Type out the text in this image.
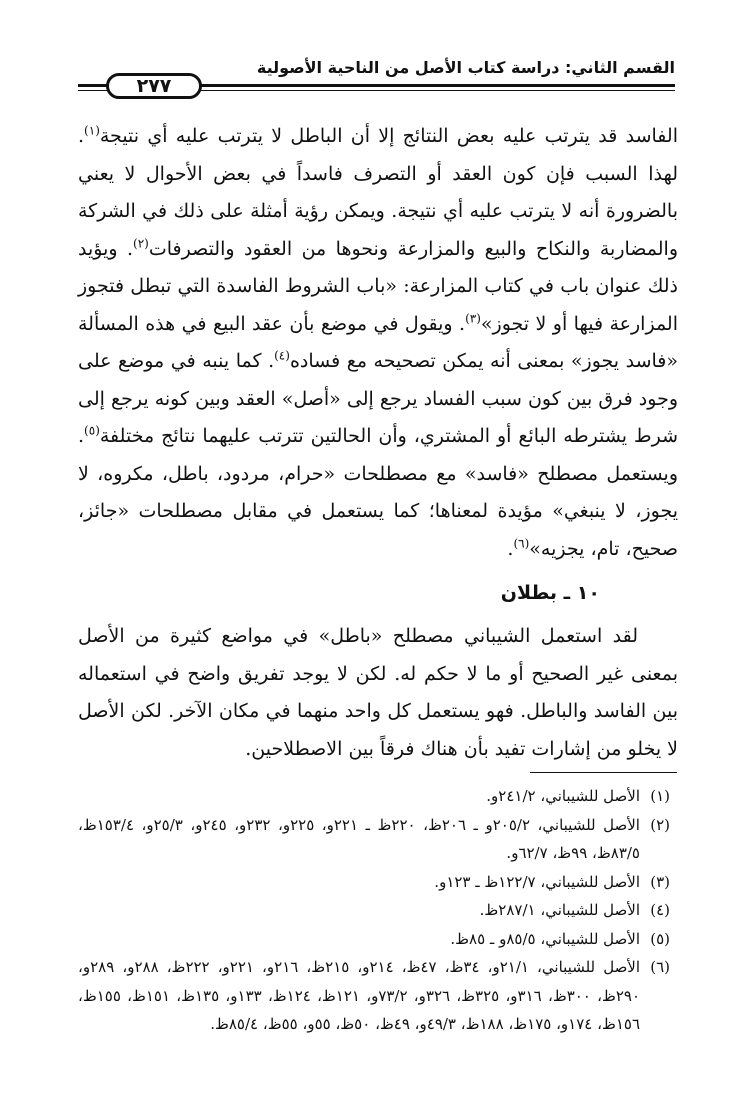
القسم الثاني: دراسة كتاب الأصل من الناحية الأصولية
٢٧٧

الفاسد قد يترتب عليه بعض النتائج إلا أن الباطل لا يترتب عليه أي نتيجة$^{(١)}$. لهذا السبب فإن كون العقد أو التصرف فاسداً في بعض الأحوال لا يعني بالضرورة أنه لا يترتب عليه أي نتيجة. ويمكن رؤية أمثلة على ذلك في الشركة والمضاربة والنكاح والبيع والمزارعة ونحوها من العقود والتصرفات$^{(٢)}$. ويؤيد ذلك عنوان باب في كتاب المزارعة: «باب الشروط الفاسدة التي تبطل فتجوز المزارعة فيها أو لا تجوز»$^{(٣)}$. ويقول في موضع بأن عقد البيع في هذه المسألة «فاسد يجوز» بمعنى أنه يمكن تصحيحه مع فساده$^{(٤)}$. كما ينبه في موضع على وجود فرق بين كون سبب الفساد يرجع إلى «أصل» العقد وبين كونه يرجع إلى شرط يشترطه البائع أو المشتري، وأن الحالتين تترتب عليهما نتائج مختلفة$^{(٥)}$. ويستعمل مصطلح «فاسد» مع مصطلحات «حرام، مردود، باطل، مكروه، لا يجوز، لا ينبغي» مؤيدة لمعناها؛ كما يستعمل في مقابل مصطلحات «جائز، صحيح، تام، يجزيه»$^{(٦)}$.

١٠ ـ بطلان

لقد استعمل الشيباني مصطلح «باطل» في مواضع كثيرة من الأصل بمعنى غير الصحيح أو ما لا حكم له. لكن لا يوجد تفريق واضح في استعماله بين الفاسد والباطل. فهو يستعمل كل واحد منهما في مكان الآخر. لكن الأصل لا يخلو من إشارات تفيد بأن هناك فرقاً بين الاصطلاحين.

(١)
الأصل للشيباني، ٢٤١/٢و.
(٢)
الأصل للشيباني، ٢٠٥/٢و ـ ٢٠٦ظ، ٢٢٠ظ ـ ٢٢١و، ٢٢٥و، ٢٣٢و، ٢٤٥و، ٢٥/٣و، ١٥٣/٤ظ، ٨٣/٥ظ، ٩٩ظ، ٦٢/٧و.
(٣)
الأصل للشيباني، ١٢٢/٧ظ ـ ١٢٣و.
(٤)
الأصل للشيباني، ٢٨٧/١ظ.
(٥)
الأصل للشيباني، ٨٥/٥و ـ ٨٥ظ.
(٦)
الأصل للشيباني، ٢١/١و، ٣٤ظ، ٤٧ظ، ٢١٤و، ٢١٥ظ، ٢١٦و، ٢٢١و، ٢٢٢ظ، ٢٨٨و، ٢٨٩و، ٢٩٠ظ، ٣٠٠ظ، ٣١٦و، ٣٢٥ظ، ٣٢٦و، ٧٣/٢و، ١٢١ظ، ١٢٤ظ، ١٣٣و، ١٣٥ظ، ١٥١ظ، ١٥٥ظ، ١٥٦ظ، ١٧٤و، ١٧٥ظ، ١٨٨ظ، ٤٩/٣و، ٤٩ظ، ٥٠ظ، ٥٥و، ٥٥ظ، ٨٥/٤ظ.
